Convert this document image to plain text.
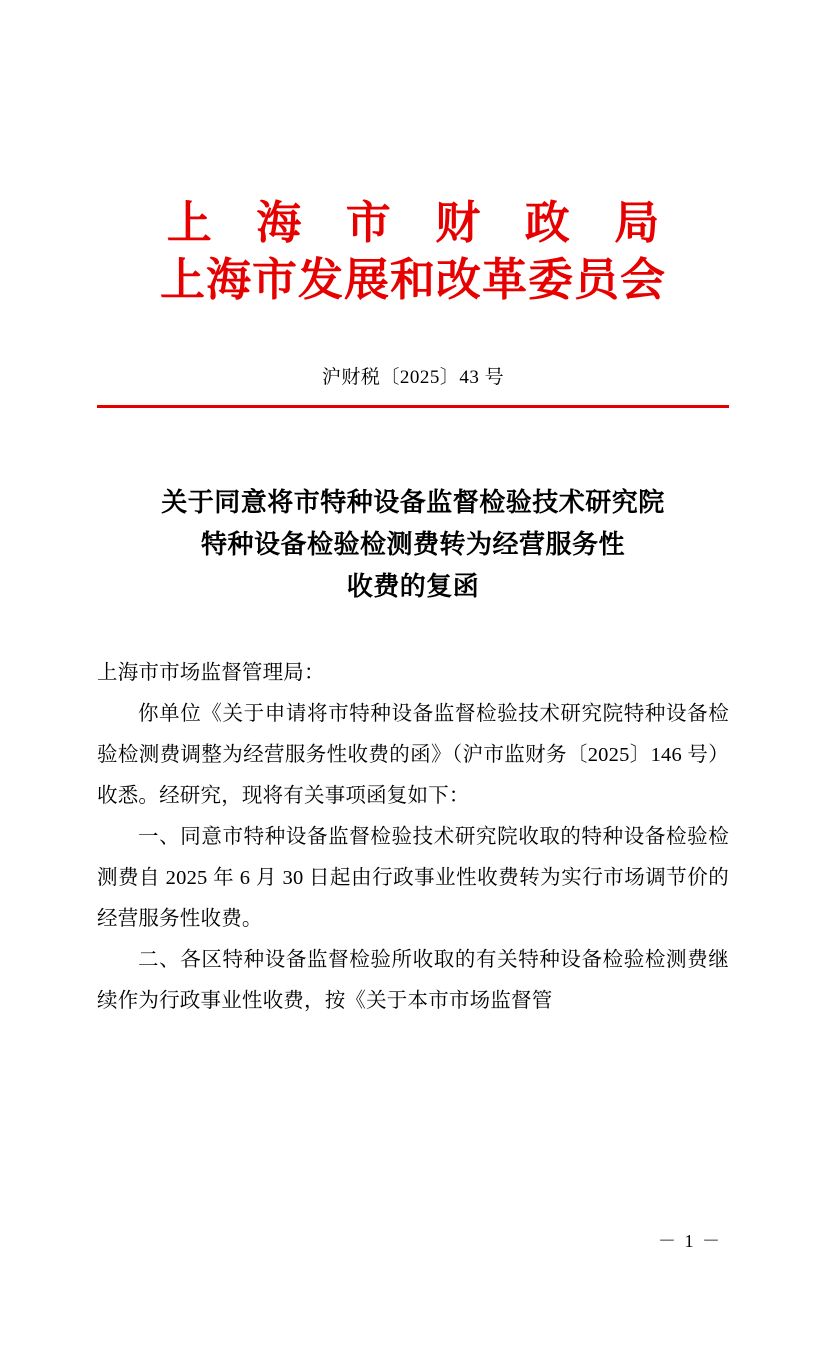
上 海 市 财 政 局
上海市发展和改革委员会
沪财税〔2025〕43 号
关于同意将市特种设备监督检验技术研究院
特种设备检验检测费转为经营服务性
收费的复函

上海市市场监督管理局：

你单位《关于申请将市特种设备监督检验技术研究院特种设备检验检测费调整为经营服务性收费的函》（沪市监财务〔2025〕146 号）收悉。经研究，现将有关事项函复如下：

一、同意市特种设备监督检验技术研究院收取的特种设备检验检测费自 2025 年 6 月 30 日起由行政事业性收费转为实行市场调节价的经营服务性收费。

二、各区特种设备监督检验所收取的有关特种设备检验检测费继续作为行政事业性收费，按《关于本市市场监督管

－ 1 －
